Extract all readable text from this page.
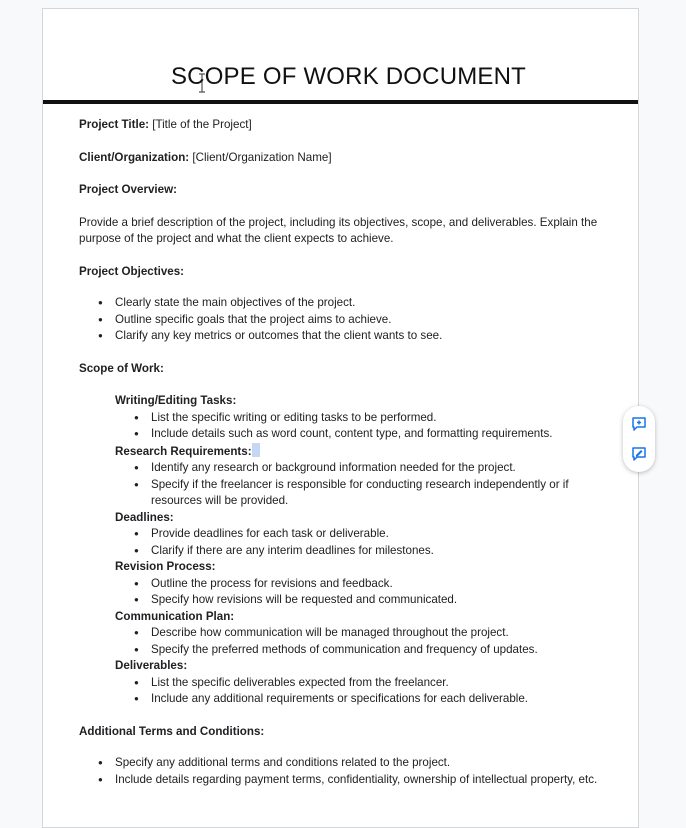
SCOPE OF WORK DOCUMENT

Project Title: [Title of the Project]

Client/Organization: [Client/Organization Name]

Project Overview:

Provide a brief description of the project, including its objectives, scope, and deliverables. Explain the purpose of the project and what the client expects to achieve.

Project Objectives:

● Clearly state the main objectives of the project.
● Outline specific goals that the project aims to achieve.
● Clarify any key metrics or outcomes that the client wants to see.

Scope of Work:

Writing/Editing Tasks:
● List the specific writing or editing tasks to be performed.
● Include details such as word count, content type, and formatting requirements.
Research Requirements:
● Identify any research or background information needed for the project.
● Specify if the freelancer is responsible for conducting research independently or if resources will be provided.
Deadlines:
● Provide deadlines for each task or deliverable.
● Clarify if there are any interim deadlines for milestones.
Revision Process:
● Outline the process for revisions and feedback.
● Specify how revisions will be requested and communicated.
Communication Plan:
● Describe how communication will be managed throughout the project.
● Specify the preferred methods of communication and frequency of updates.
Deliverables:
● List the specific deliverables expected from the freelancer.
● Include any additional requirements or specifications for each deliverable.

Additional Terms and Conditions:

● Specify any additional terms and conditions related to the project.
● Include details regarding payment terms, confidentiality, ownership of intellectual property, etc.
